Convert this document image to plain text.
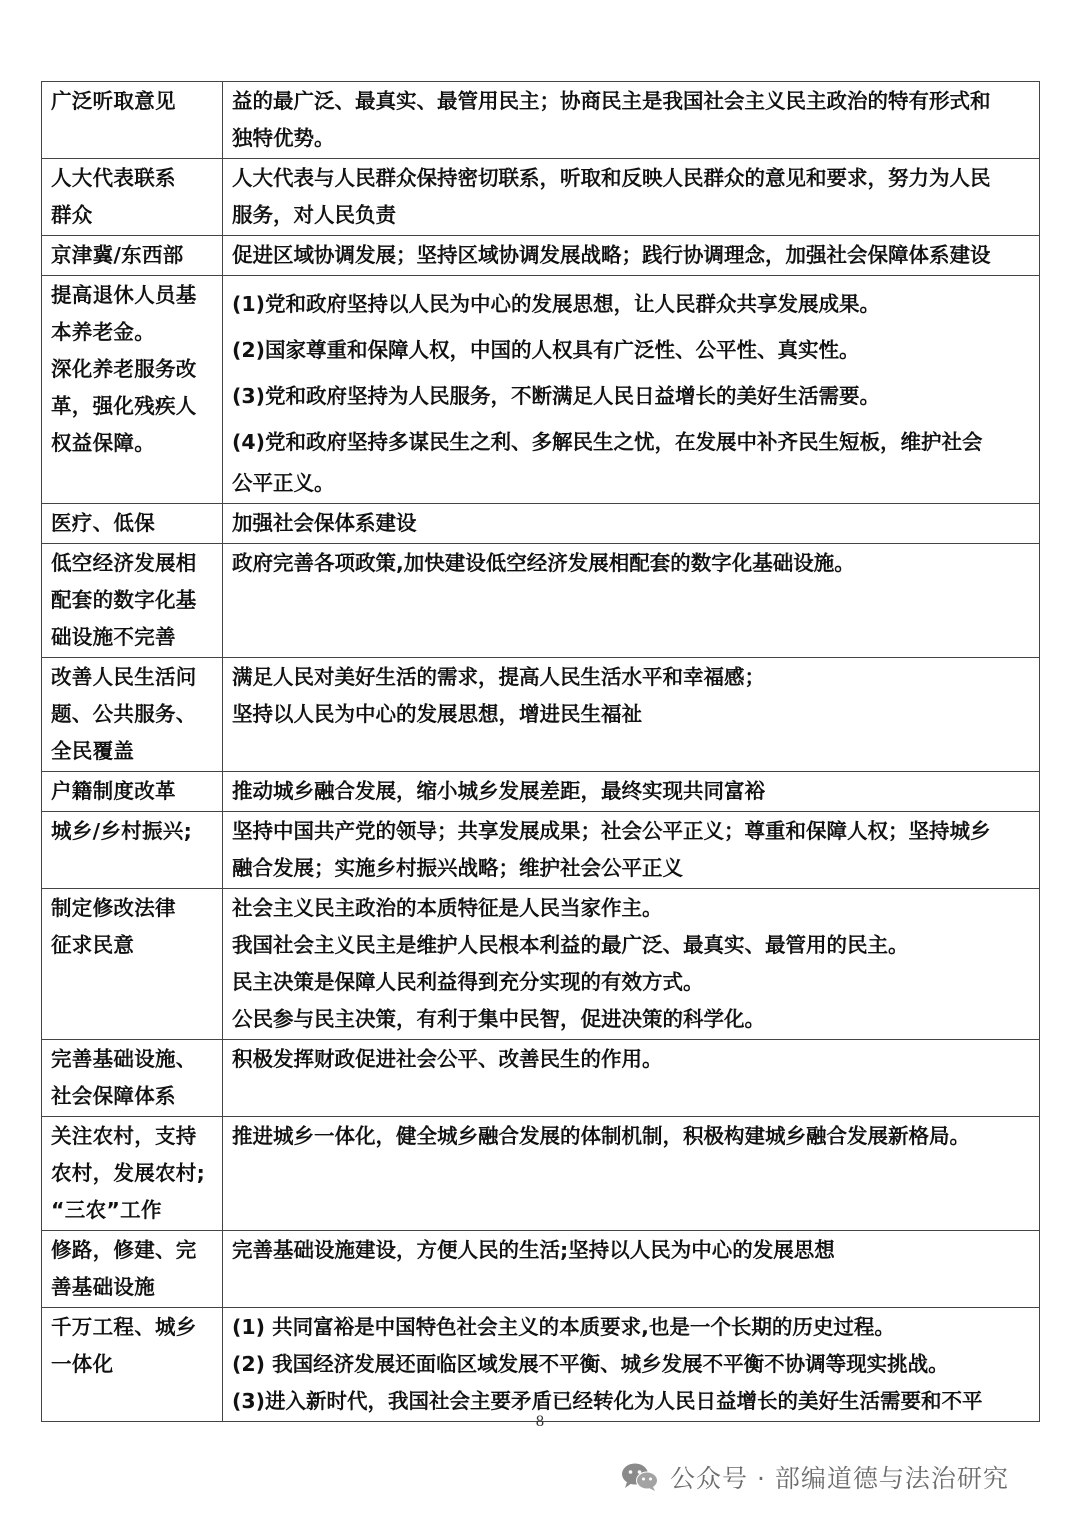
广泛听取意见	益的最广泛、最真实、最管用民主；协商民主是我国社会主义民主政治的特有形式和
独特优势。

人大代表联系
群众	人大代表与人民群众保持密切联系，听取和反映人民群众的意见和要求，努力为人民
服务，对人民负责

京津冀/东西部	促进区域协调发展；坚持区域协调发展战略；践行协调理念，加强社会保障体系建设

提高退休人员基
本养老金。
深化养老服务改
革，强化残疾人
权益保障。	(1)党和政府坚持以人民为中心的发展思想，让人民群众共享发展成果。
(2)国家尊重和保障人权，中国的人权具有广泛性、公平性、真实性。
(3)党和政府坚持为人民服务，不断满足人民日益增长的美好生活需要。
(4)党和政府坚持多谋民生之利、多解民生之忧，在发展中补齐民生短板，维护社会
公平正义。

医疗、低保	加强社会保体系建设

低空经济发展相
配套的数字化基
础设施不完善	政府完善各项政策,加快建设低空经济发展相配套的数字化基础设施。

改善人民生活问
题、公共服务、
全民覆盖	满足人民对美好生活的需求，提高人民生活水平和幸福感；
坚持以人民为中心的发展思想，增进民生福祉

户籍制度改革	推动城乡融合发展，缩小城乡发展差距，最终实现共同富裕

城乡/乡村振兴;	坚持中国共产党的领导；共享发展成果；社会公平正义；尊重和保障人权；坚持城乡
融合发展；实施乡村振兴战略；维护社会公平正义

制定修改法律
征求民意	社会主义民主政治的本质特征是人民当家作主。
我国社会主义民主是维护人民根本利益的最广泛、最真实、最管用的民主。
民主决策是保障人民利益得到充分实现的有效方式。
公民参与民主决策，有利于集中民智，促进决策的科学化。

完善基础设施、
社会保障体系	积极发挥财政促进社会公平、改善民生的作用。

关注农村，支持
农村，发展农村;
“三农”工作	推进城乡一体化，健全城乡融合发展的体制机制，积极构建城乡融合发展新格局。

修路，修建、完
善基础设施	完善基础设施建设，方便人民的生活;坚持以人民为中心的发展思想

千万工程、城乡
一体化	(1) 共同富裕是中国特色社会主义的本质要求,也是一个长期的历史过程。
(2) 我国经济发展还面临区域发展不平衡、城乡发展不平衡不协调等现实挑战。
(3)进入新时代，我国社会主要矛盾已经转化为人民日益增长的美好生活需要和不平
8
公众号 · 部编道德与法治研究
